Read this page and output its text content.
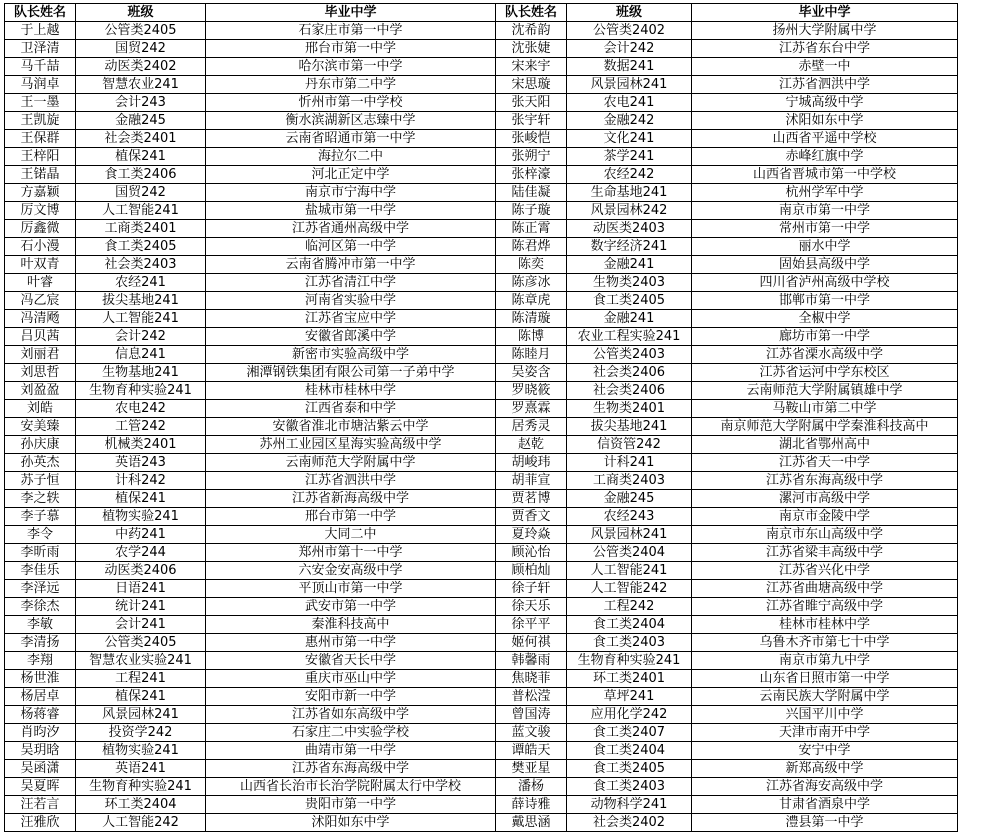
队长姓名	班级	毕业中学	队长姓名	班级	毕业中学
于上越	公管类2405	石家庄市第一中学	沈希韵	公管类2402	扬州大学附属中学
卫泽清	国贸242	邢台市第一中学	沈张婕	会计242	江苏省东台中学
马千喆	动医类2402	哈尔滨市第一中学	宋来宇	数据241	赤壁一中
马润卓	智慧农业241	丹东市第二中学	宋思璇	风景园林241	江苏省泗洪中学
王一墨	会计243	忻州市第一中学校	张天阳	农电241	宁城高级中学
王凯旋	金融245	衡水滨湖新区志臻中学	张宇轩	金融242	沭阳如东中学
王保群	社会类2401	云南省昭通市第一中学	张峻恺	文化241	山西省平遥中学校
王梓阳	植保241	海拉尔二中	张朔宁	茶学241	赤峰红旗中学
王锘晶	食工类2406	河北正定中学	张梓濠	农经242	山西省晋城市第一中学校
方嘉颖	国贸242	南京市宁海中学	陆佳凝	生命基地241	杭州学军中学
厉文博	人工智能241	盐城市第一中学	陈子璇	风景园林242	南京市第一中学
厉鑫微	工商类2401	江苏省通州高级中学	陈正霄	动医类2403	常州市第一中学
石小漫	食工类2405	临河区第一中学	陈君烨	数字经济241	丽水中学
叶双青	社会类2403	云南省腾冲市第一中学	陈奕	金融241	固始县高级中学
叶睿	农经241	江苏省清江中学	陈彦冰	生物类2403	四川省泸州高级中学校
冯乙宸	拔尖基地241	河南省实验中学	陈章虎	食工类2405	邯郸市第一中学
冯清飏	人工智能241	江苏省宝应中学	陈清璇	金融241	全椒中学
吕贝茜	会计242	安徽省郎溪中学	陈博	农业工程实验241	廊坊市第一中学
刘丽君	信息241	新密市实验高级中学	陈睦月	公管类2403	江苏省溧水高级中学
刘思哲	生物基地241	湘潭钢铁集团有限公司第一子弟中学	吴姿含	社会类2406	江苏省运河中学东校区
刘盈盈	生物育种实验241	桂林市桂林中学	罗晓筱	社会类2406	云南师范大学附属镇雄中学
刘皓	农电242	江西省泰和中学	罗熹霖	生物类2401	马鞍山市第二中学
安美臻	工管242	安徽省淮北市塘沽紫云中学	居秀灵	拔尖基地241	南京师范大学附属中学秦淮科技高中
孙庆康	机械类2401	苏州工业园区星海实验高级中学	赵乾	信资管242	湖北省鄂州高中
孙英杰	英语243	云南师范大学附属中学	胡峻玮	计科241	江苏省天一中学
苏子恒	计科242	江苏省泗洪中学	胡菲宣	工商类2403	江苏省东海高级中学
李之轶	植保241	江苏省新海高级中学	贾茗博	金融245	漯河市高级中学
李子慕	植物实验241	邢台市第一中学	贾香文	农经243	南京市金陵中学
李令	中药241	大同二中	夏玲焱	风景园林241	南京市东山高级中学
李昕雨	农学244	郑州市第十一中学	顾沁怡	公管类2404	江苏省梁丰高级中学
李佳乐	动医类2406	六安金安高级中学	顾柏灿	人工智能241	江苏省兴化中学
李泽远	日语241	平顶山市第一中学	徐子轩	人工智能242	江苏省曲塘高级中学
李徐杰	统计241	武安市第一中学	徐天乐	工程242	江苏省睢宁高级中学
李敏	会计241	秦淮科技高中	徐平平	食工类2404	桂林市桂林中学
李清扬	公管类2405	惠州市第一中学	姬何祺	食工类2403	乌鲁木齐市第七十中学
李翔	智慧农业实验241	安徽省天长中学	韩馨雨	生物育种实验241	南京市第九中学
杨世淮	工程241	重庆市巫山中学	焦晓菲	环工类2401	山东省日照市第一中学
杨居卓	植保241	安阳市新一中学	普松滢	草坪241	云南民族大学附属中学
杨蒋睿	风景园林241	江苏省如东高级中学	曾国涛	应用化学242	兴国平川中学
肖昀汐	投资学242	石家庄二中实验学校	蓝文骏	食工类2407	天津市南开中学
吴玥晗	植物实验241	曲靖市第一中学	谭皓天	食工类2404	安宁中学
吴函潇	英语241	江苏省东海高级中学	樊亚星	食工类2405	新郑高级中学
吴夏晖	生物育种实验241	山西省长治市长治学院附属太行中学校	潘杨	食工类2403	江苏省海安高级中学
汪若言	环工类2404	贵阳市第一中学	薛诗雅	动物科学241	甘肃省酒泉中学
汪雅欣	人工智能242	沭阳如东中学	戴思涵	社会类2402	澧县第一中学
